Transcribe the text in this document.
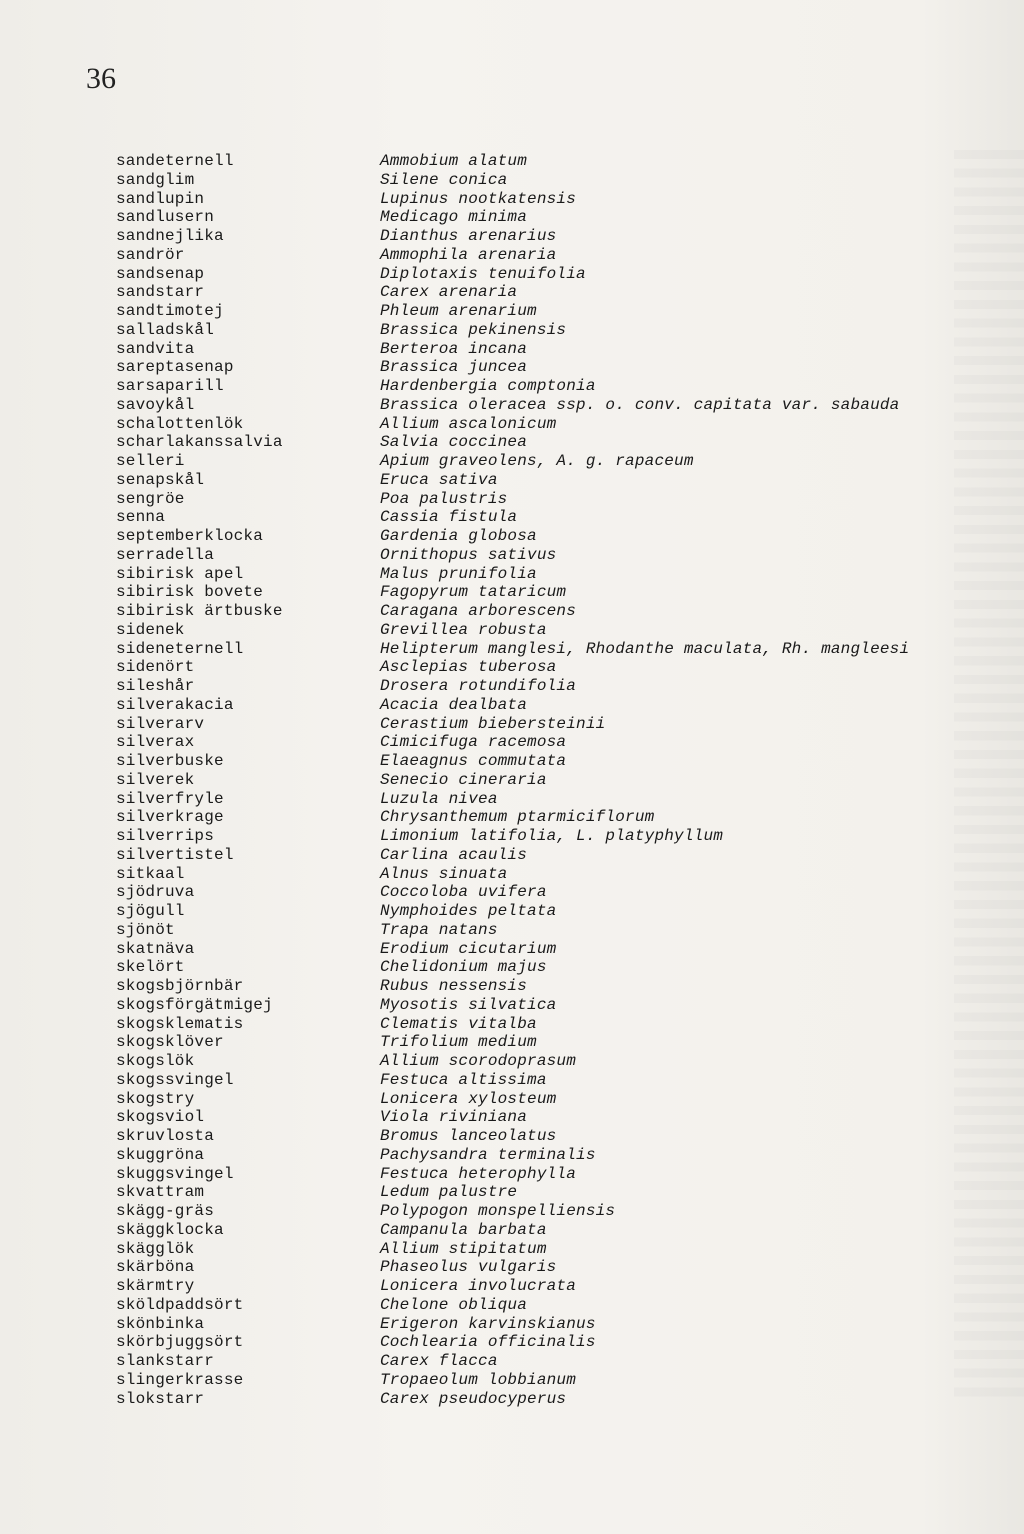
36
sandeternell	Ammobium alatum
sandglim	Silene conica
sandlupin	Lupinus nootkatensis
sandlusern	Medicago minima
sandnejlika	Dianthus arenarius
sandrör	Ammophila arenaria
sandsenap	Diplotaxis tenuifolia
sandstarr	Carex arenaria
sandtimotej	Phleum arenarium
salladskål	Brassica pekinensis
sandvita	Berteroa incana
sareptasenap	Brassica juncea
sarsaparill	Hardenbergia comptonia
savoykål	Brassica oleracea ssp. o. conv. capitata var. sabauda
schalottenlök	Allium ascalonicum
scharlakanssalvia	Salvia coccinea
selleri	Apium graveolens, A. g. rapaceum
senapskål	Eruca sativa
sengröe	Poa palustris
senna	Cassia fistula
septemberklocka	Gardenia globosa
serradella	Ornithopus sativus
sibirisk apel	Malus prunifolia
sibirisk bovete	Fagopyrum tataricum
sibirisk ärtbuske	Caragana arborescens
sidenek	Grevillea robusta
sideneternell	Helipterum manglesi, Rhodanthe maculata, Rh. mangleesi
sidenört	Asclepias tuberosa
sileshår	Drosera rotundifolia
silverakacia	Acacia dealbata
silverarv	Cerastium biebersteinii
silverax	Cimicifuga racemosa
silverbuske	Elaeagnus commutata
silverek	Senecio cineraria
silverfryle	Luzula nivea
silverkrage	Chrysanthemum ptarmiciflorum
silverrips	Limonium latifolia, L. platyphyllum
silvertistel	Carlina acaulis
sitkaal	Alnus sinuata
sjödruva	Coccoloba uvifera
sjögull	Nymphoides peltata
sjönöt	Trapa natans
skatnäva	Erodium cicutarium
skelört	Chelidonium majus
skogsbjörnbär	Rubus nessensis
skogsförgätmigej	Myosotis silvatica
skogsklematis	Clematis vitalba
skogsklöver	Trifolium medium
skogslök	Allium scorodoprasum
skogssvingel	Festuca altissima
skogstry	Lonicera xylosteum
skogsviol	Viola riviniana
skruvlosta	Bromus lanceolatus
skuggröna	Pachysandra terminalis
skuggsvingel	Festuca heterophylla
skvattram	Ledum palustre
skägg-gräs	Polypogon monspelliensis
skäggklocka	Campanula barbata
skägglök	Allium stipitatum
skärböna	Phaseolus vulgaris
skärmtry	Lonicera involucrata
sköldpaddsört	Chelone obliqua
skönbinka	Erigeron karvinskianus
skörbjuggsört	Cochlearia officinalis
slankstarr	Carex flacca
slingerkrasse	Tropaeolum lobbianum
slokstarr	Carex pseudocyperus
